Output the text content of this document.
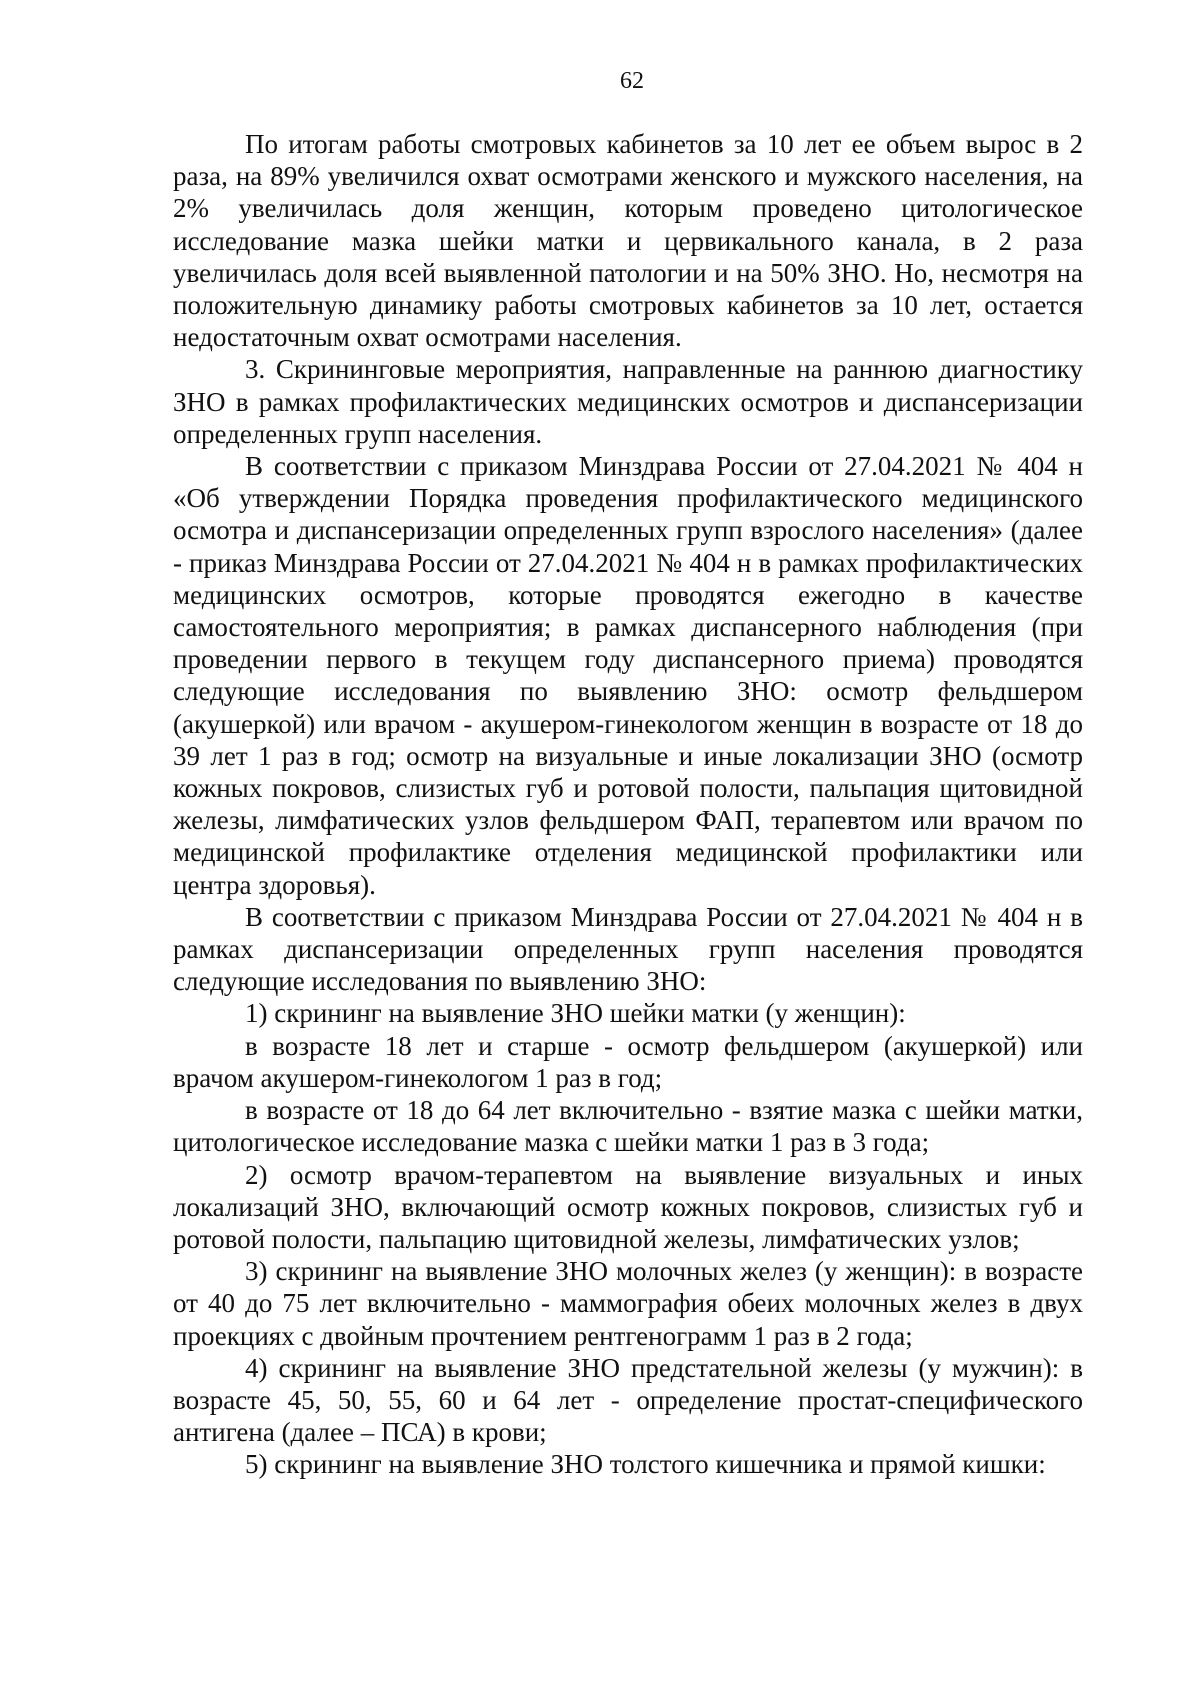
62

По итогам работы смотровых кабинетов за 10 лет ее объем вырос в 2 раза, на 89% увеличился охват осмотрами женского и мужского населения, на 2% увеличилась доля женщин, которым проведено цитологическое исследование мазка шейки матки и цервикального канала, в 2 раза увеличилась доля всей выявленной патологии и на 50% ЗНО. Но, несмотря на положительную динамику работы смотровых кабинетов за 10 лет, остается недостаточным охват осмотрами населения.

3. Скрининговые мероприятия, направленные на раннюю диагностику ЗНО в рамках профилактических медицинских осмотров и диспансеризации определенных групп населения.

В соответствии с приказом Минздрава России от 27.04.2021 № 404 н «Об утверждении Порядка проведения профилактического медицинского осмотра и диспансеризации определенных групп взрослого населения» (далее - приказ Минздрава России от 27.04.2021 № 404 н в рамках профилактических медицинских осмотров, которые проводятся ежегодно в качестве самостоятельного мероприятия; в рамках диспансерного наблюдения (при проведении первого в текущем году диспансерного приема) проводятся следующие исследования по выявлению ЗНО: осмотр фельдшером (акушеркой) или врачом - акушером-гинекологом женщин в возрасте от 18 до 39 лет 1 раз в год; осмотр на визуальные и иные локализации ЗНО (осмотр кожных покровов, слизистых губ и ротовой полости, пальпация щитовидной железы, лимфатических узлов фельдшером ФАП, терапевтом или врачом по медицинской профилактике отделения медицинской профилактики или центра здоровья).

В соответствии с приказом Минздрава России от 27.04.2021 № 404 н в рамках диспансеризации определенных групп населения проводятся следующие исследования по выявлению ЗНО:

1) скрининг на выявление ЗНО шейки матки (у женщин):

в возрасте 18 лет и старше - осмотр фельдшером (акушеркой) или врачом акушером-гинекологом 1 раз в год;

в возрасте от 18 до 64 лет включительно - взятие мазка с шейки матки, цитологическое исследование мазка с шейки матки 1 раз в 3 года;

2) осмотр врачом-терапевтом на выявление визуальных и иных локализаций ЗНО, включающий осмотр кожных покровов, слизистых губ и ротовой полости, пальпацию щитовидной железы, лимфатических узлов;

3) скрининг на выявление ЗНО молочных желез (у женщин): в возрасте от 40 до 75 лет включительно - маммография обеих молочных желез в двух проекциях с двойным прочтением рентгенограмм 1 раз в 2 года;

4) скрининг на выявление ЗНО предстательной железы (у мужчин): в возрасте 45, 50, 55, 60 и 64 лет - определение простат-специфического антигена (далее – ПСА) в крови;

5) скрининг на выявление ЗНО толстого кишечника и прямой кишки:
